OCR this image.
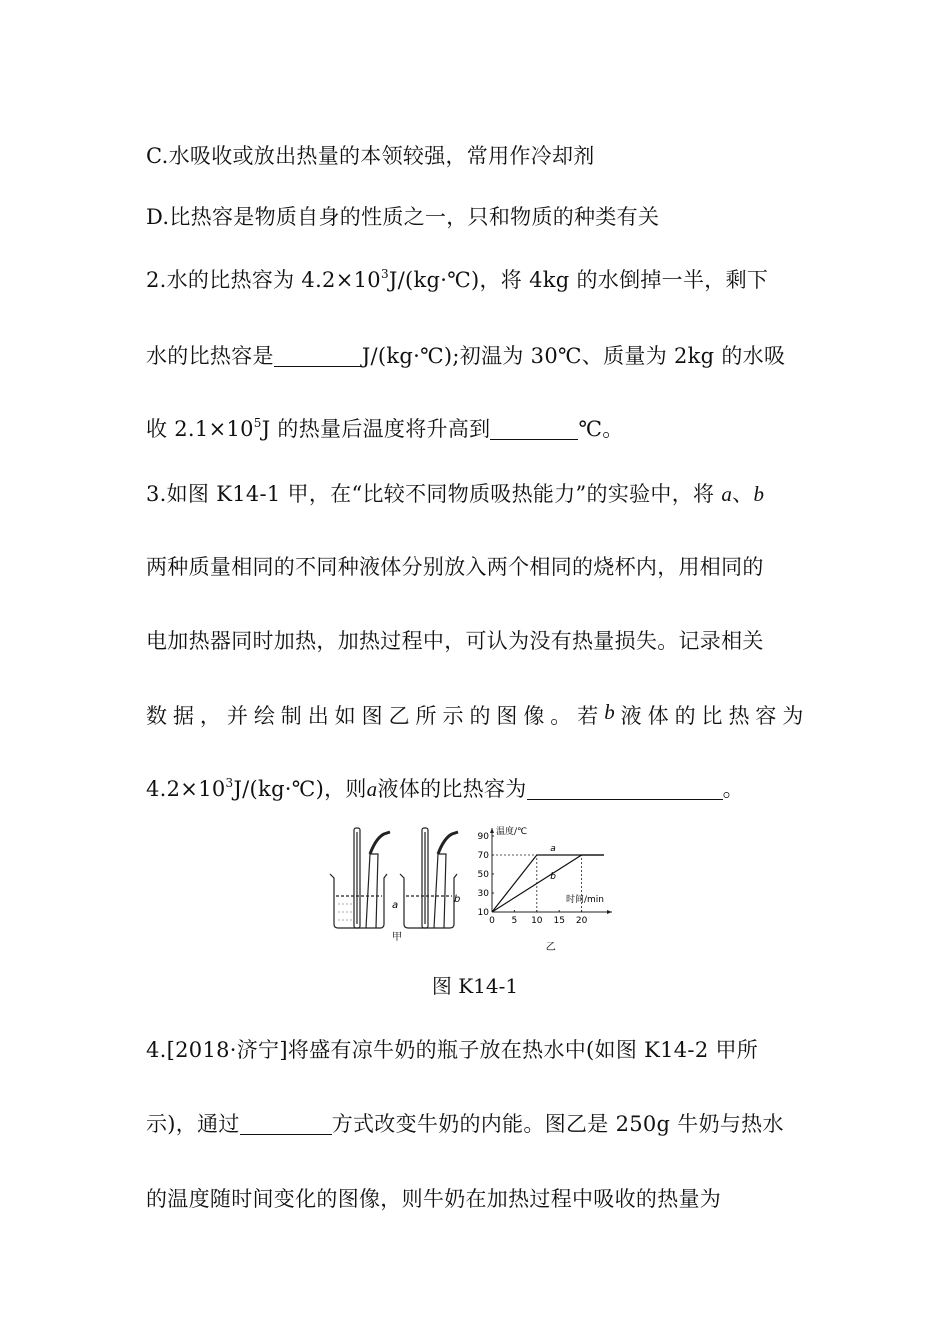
C.水吸收或放出热量的本领较强，常用作冷却剂
D.比热容是物质自身的性质之一，只和物质的种类有关
2.水的比热容为 $4.2\times 10^3J/(kg\cdot℃)$，将 4kg 的水倒掉一半，剩下
水的比热容是	J/(kg·℃);初温为 30℃、质量为 2kg 的水吸
收 $2.1\times 10^5J$ 的热量后温度将升高到	℃。
3.如图 K14-1 甲，在“比较不同物质吸热能力”的实验中，将 a、b
两种质量相同的不同种液体分别放入两个相同的烧杯内，用相同的
电加热器同时加热，加热过程中，可认为没有热量损失。记录相关
数 据 ， 并 绘 制 出 如 图 乙 所 示 的 图 像 。 若 b 液 体 的 比 热 容 为
$4.2\times 10^3J/(kg\cdot℃)$，则a液体的比热容为	。
a
甲
b
0 5 10 15 20
10
30
50
70
90 温度/℃
时间/min
a
b
乙
图 K14-1
4.[2018·济宁]将盛有凉牛奶的瓶子放在热水中(如图 K14-2 甲所
示)，通过	方式改变牛奶的内能。图乙是 250g 牛奶与热水
的温度随时间变化的图像，则牛奶在加热过程中吸收的热量为
